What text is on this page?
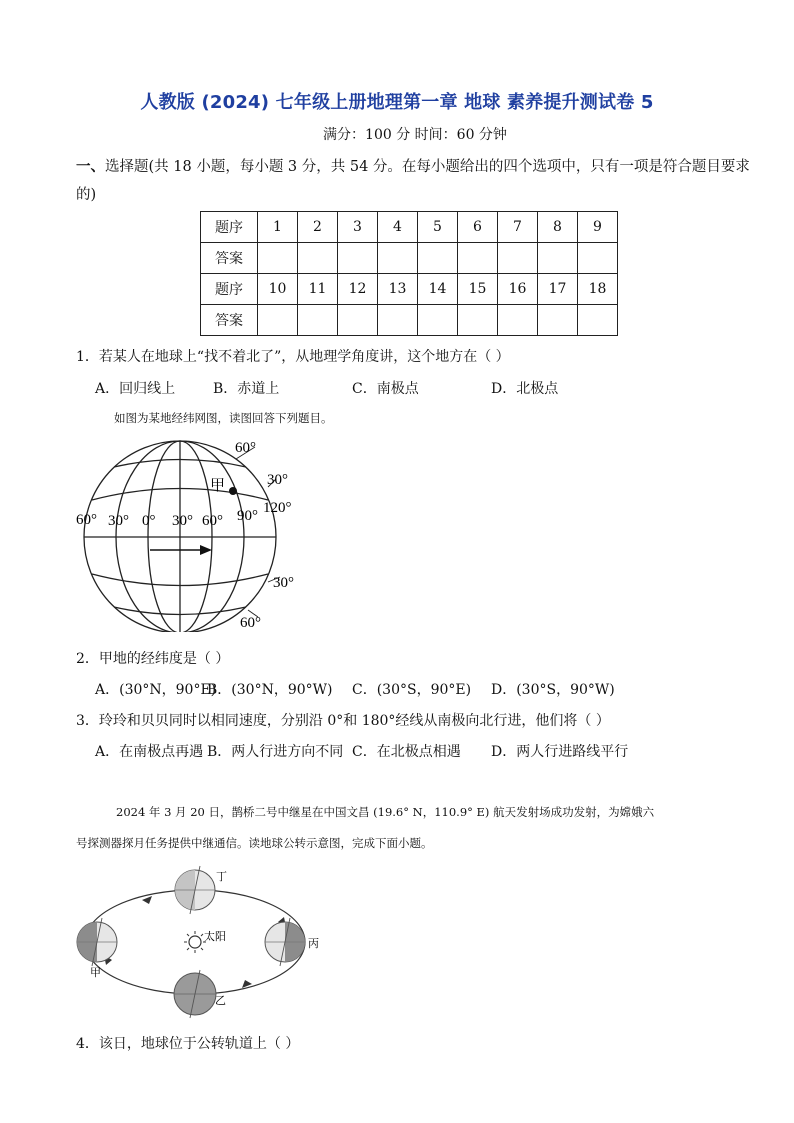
人教版 (2024) 七年级上册地理第一章 地球 素养提升测试卷 5
满分：100 分 时间：60 分钟
一、选择题(共 18 小题，每小题 3 分，共 54 分。在每小题给出的四个选项中，只有一项是符合题目要求的)
题序	1	2	3	4	5	6	7	8	9
答案									
题序	10	11	12	13	14	15	16	17	18
答案									
1．若某人在地球上“找不着北了”，从地理学角度讲，这个地方在（ ）
A．回归线上	B．赤道上	C．南极点	D．北极点
如图为某地经纬网图，读图回答下列题目。
甲
60°
30°
120°
60° 30° 0° 30° 60° 90°
30°
60°
2．甲地的经纬度是（ ）
A．(30°N，90°E)
B．(30°N，90°W) C．(30°S，90°E) D．(30°S，90°W)
3．玲玲和贝贝同时以相同速度，分别沿 0°和 180°经线从南极向北行进，他们将（ ）
A．在南极点再遇 B．两人行进方向不同 C．在北极点相遇 D．两人行进路线平行
2024 年 3 月 20 日，鹊桥二号中继星在中国文昌 (19.6° N，110.9° E) 航天发射场成功发射，为嫦娥六
号探测器探月任务提供中继通信。读地球公转示意图，完成下面小题。
太阳
丁
丙
乙
甲
4．该日，地球位于公转轨道上（ ）
